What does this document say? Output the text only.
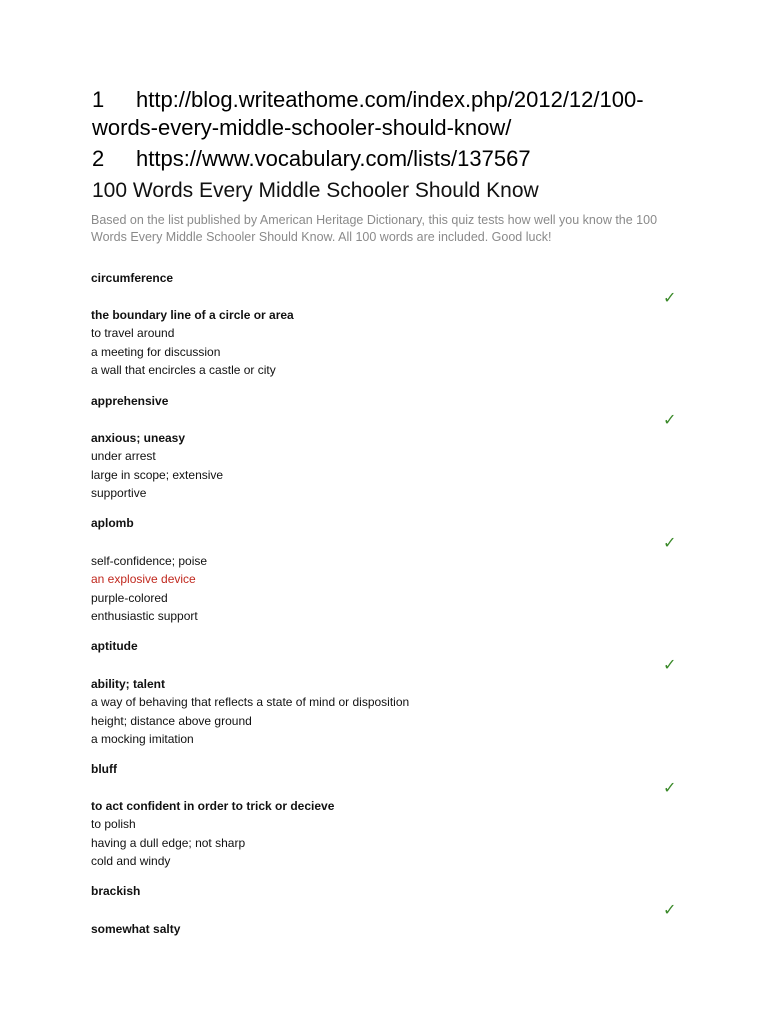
1 http://blog.writeathome.com/index.php/2012/12/100-
words-every-middle-schooler-should-know/
2 https://www.vocabulary.com/lists/137567
100 Words Every Middle Schooler Should Know
Based on the list published by American Heritage Dictionary, this quiz tests how well you know the 100 Words Every Middle Schooler Should Know. All 100 words are included. Good luck!
circumference
✓
the boundary line of a circle or area
to travel around
a meeting for discussion
a wall that encircles a castle or city
apprehensive
✓
anxious; uneasy
under arrest
large in scope; extensive
supportive
aplomb
✓
self-confidence; poise
an explosive device
purple-colored
enthusiastic support
aptitude
✓
ability; talent
a way of behaving that reflects a state of mind or disposition
height; distance above ground
a mocking imitation
bluff
✓
to act confident in order to trick or decieve
to polish
having a dull edge; not sharp
cold and windy
brackish
✓
somewhat salty
